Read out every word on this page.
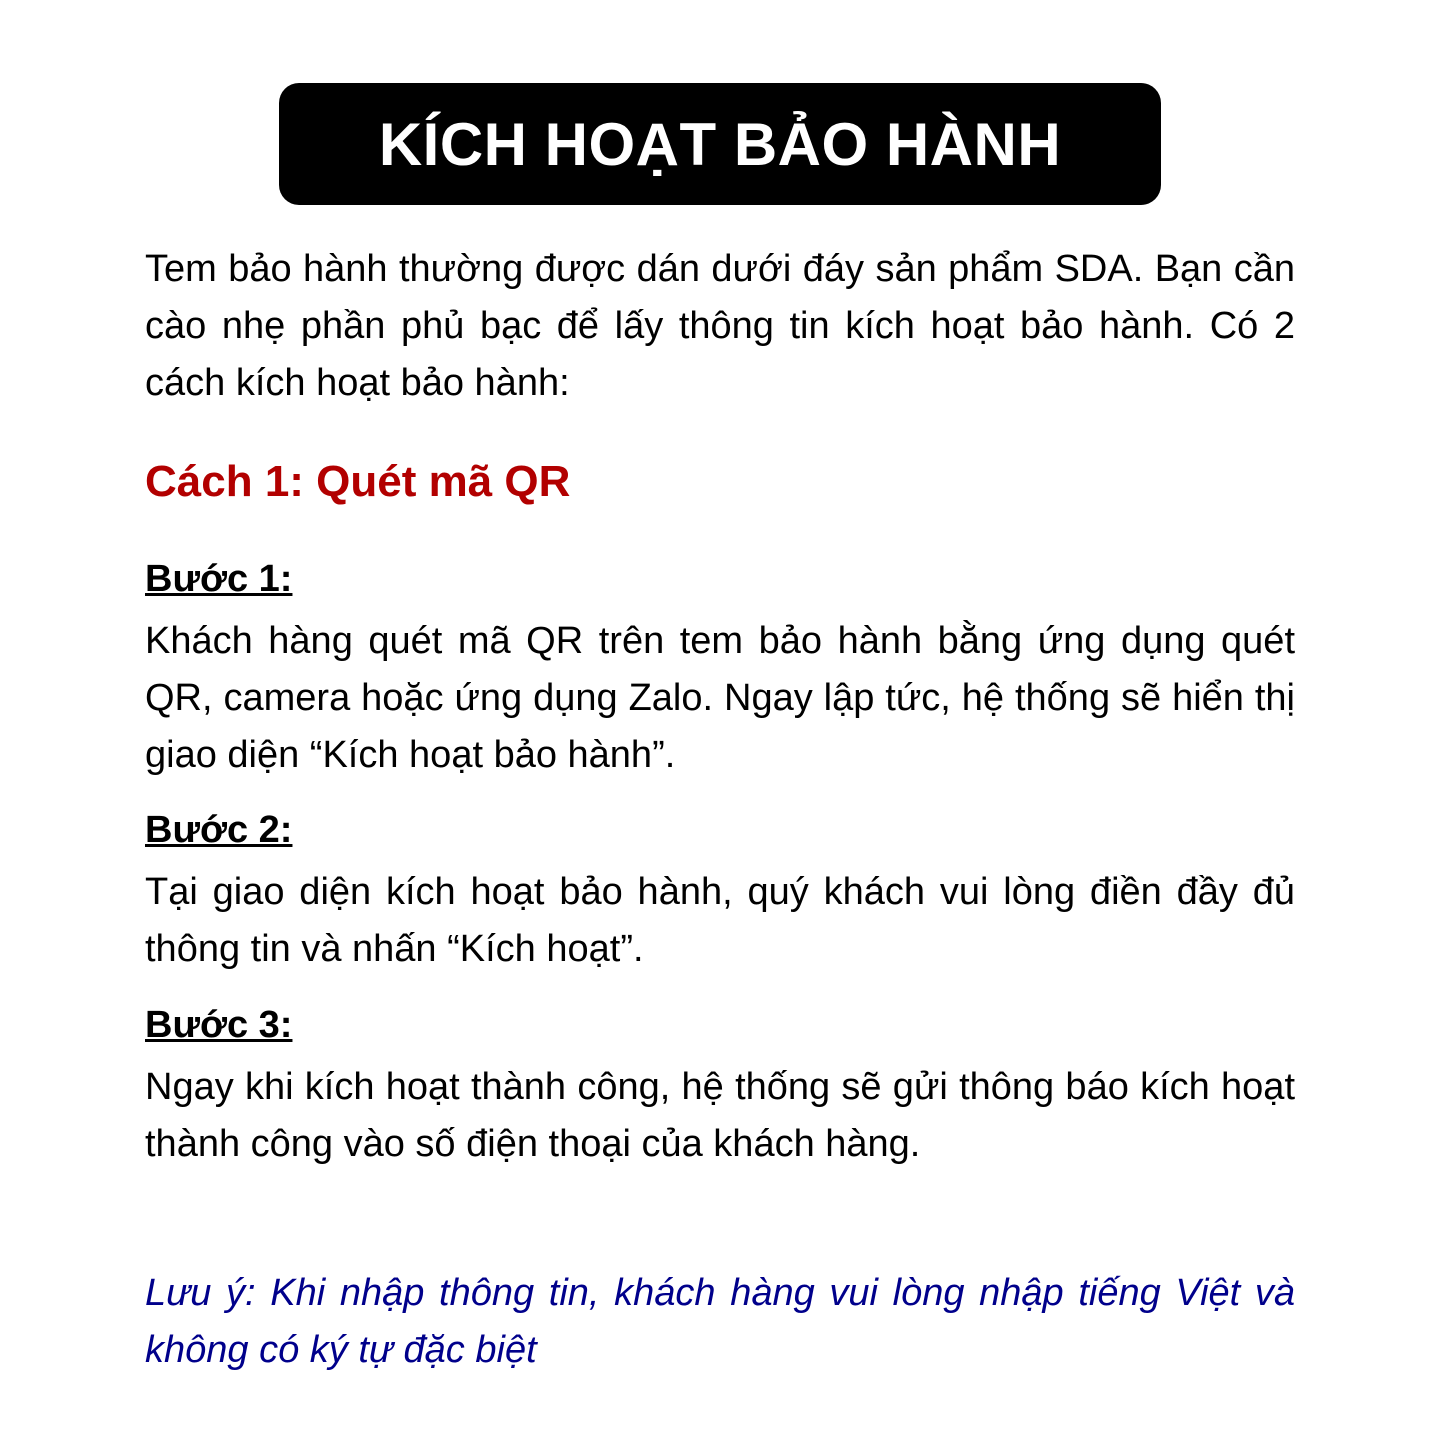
KÍCH HOẠT BẢO HÀNH

Tem bảo hành thường được dán dưới đáy sản phẩm SDA. Bạn cần cào nhẹ phần phủ bạc để lấy thông tin kích hoạt bảo hành. Có 2 cách kích hoạt bảo hành:

Cách 1: Quét mã QR
Bước 1:

Khách hàng quét mã QR trên tem bảo hành bằng ứng dụng quét QR, camera hoặc ứng dụng Zalo. Ngay lập tức, hệ thống sẽ hiển thị giao diện “Kích hoạt bảo hành”.

Bước 2:

Tại giao diện kích hoạt bảo hành, quý khách vui lòng điền đầy đủ thông tin và nhấn “Kích hoạt”.

Bước 3:

Ngay khi kích hoạt thành công, hệ thống sẽ gửi thông báo kích hoạt thành công vào số điện thoại của khách hàng.

Lưu ý: Khi nhập thông tin, khách hàng vui lòng nhập tiếng Việt và không có ký tự đặc biệt
